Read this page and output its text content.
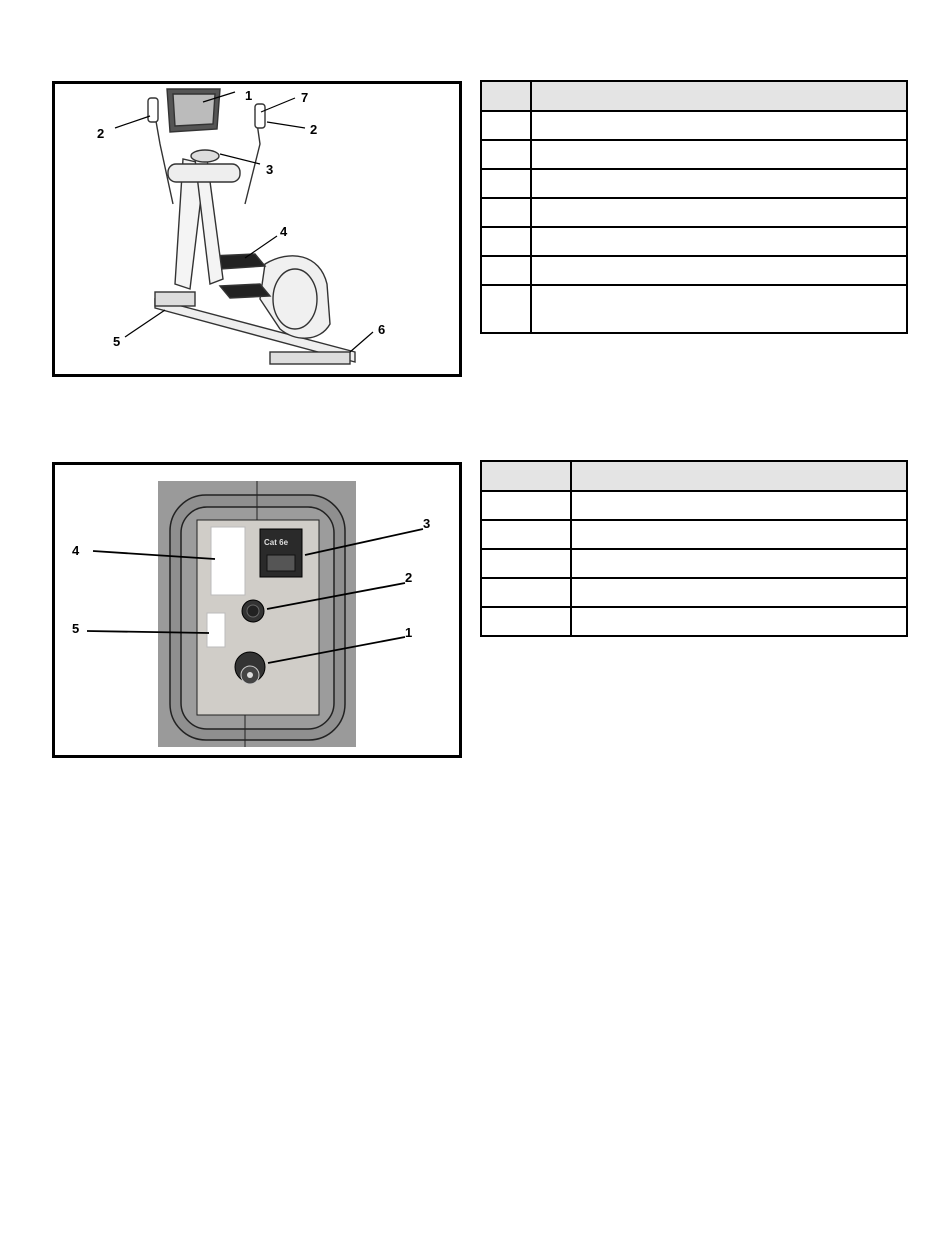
1
2
7
2
3
4
5
6

Cat 6e
3
4
2
5	1
